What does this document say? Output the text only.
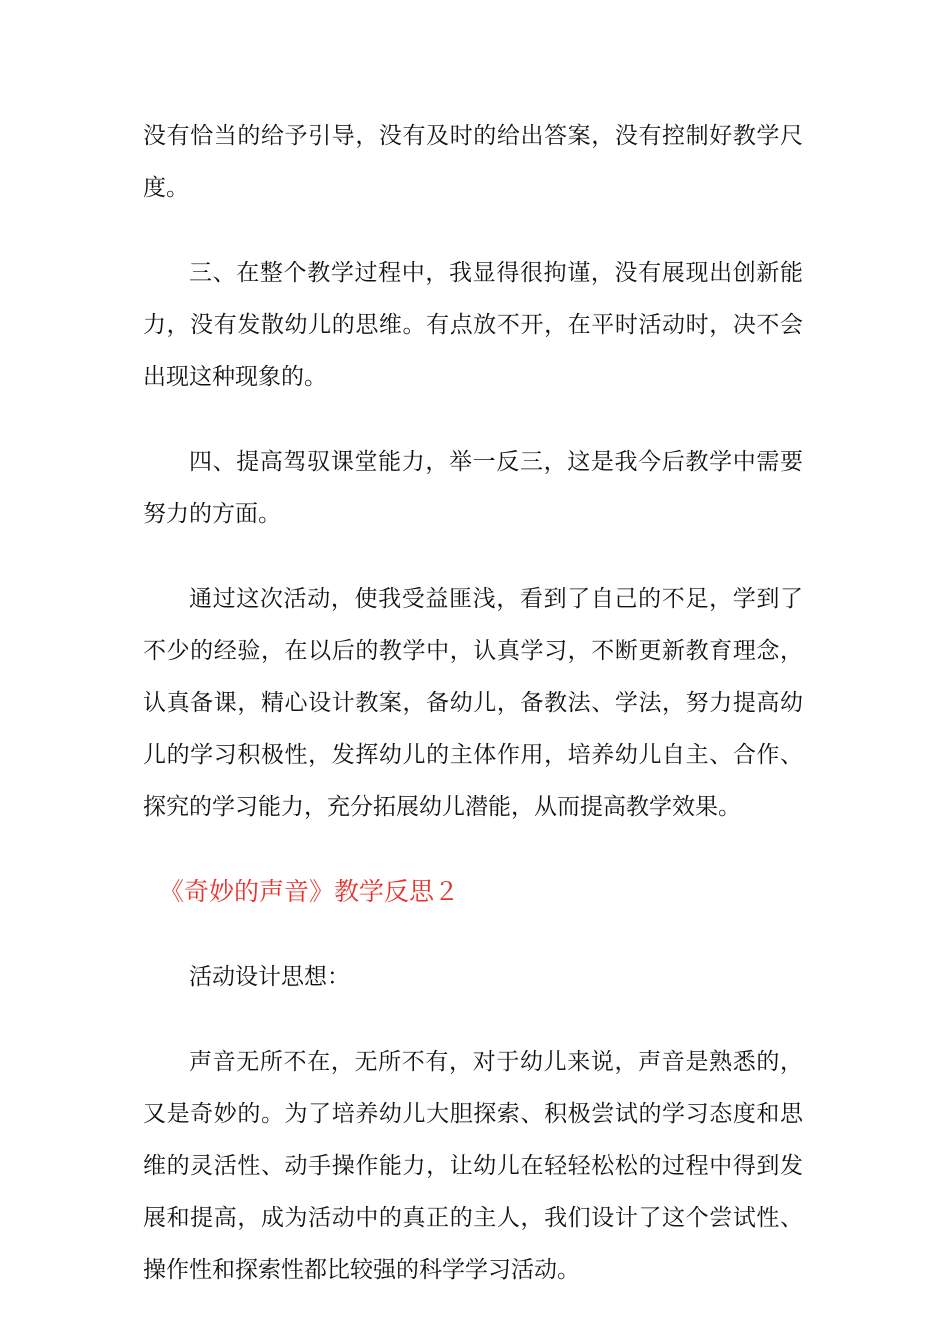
没有恰当的给予引导，没有及时的给出答案，没有控制好教学尺度。

三、在整个教学过程中，我显得很拘谨，没有展现出创新能力，没有发散幼儿的思维。有点放不开，在平时活动时，决不会出现这种现象的。

四、提高驾驭课堂能力，举一反三，这是我今后教学中需要努力的方面。

通过这次活动，使我受益匪浅，看到了自己的不足，学到了不少的经验，在以后的教学中，认真学习，不断更新教育理念，认真备课，精心设计教案，备幼儿，备教法、学法，努力提高幼儿的学习积极性，发挥幼儿的主体作用，培养幼儿自主、合作、探究的学习能力，充分拓展幼儿潜能，从而提高教学效果。

《奇妙的声音》教学反思２

活动设计思想：

声音无所不在，无所不有，对于幼儿来说，声音是熟悉的，又是奇妙的。为了培养幼儿大胆探索、积极尝试的学习态度和思维的灵活性、动手操作能力，让幼儿在轻轻松松的过程中得到发展和提高，成为活动中的真正的主人，我们设计了这个尝试性、操作性和探索性都比较强的科学学习活动。
